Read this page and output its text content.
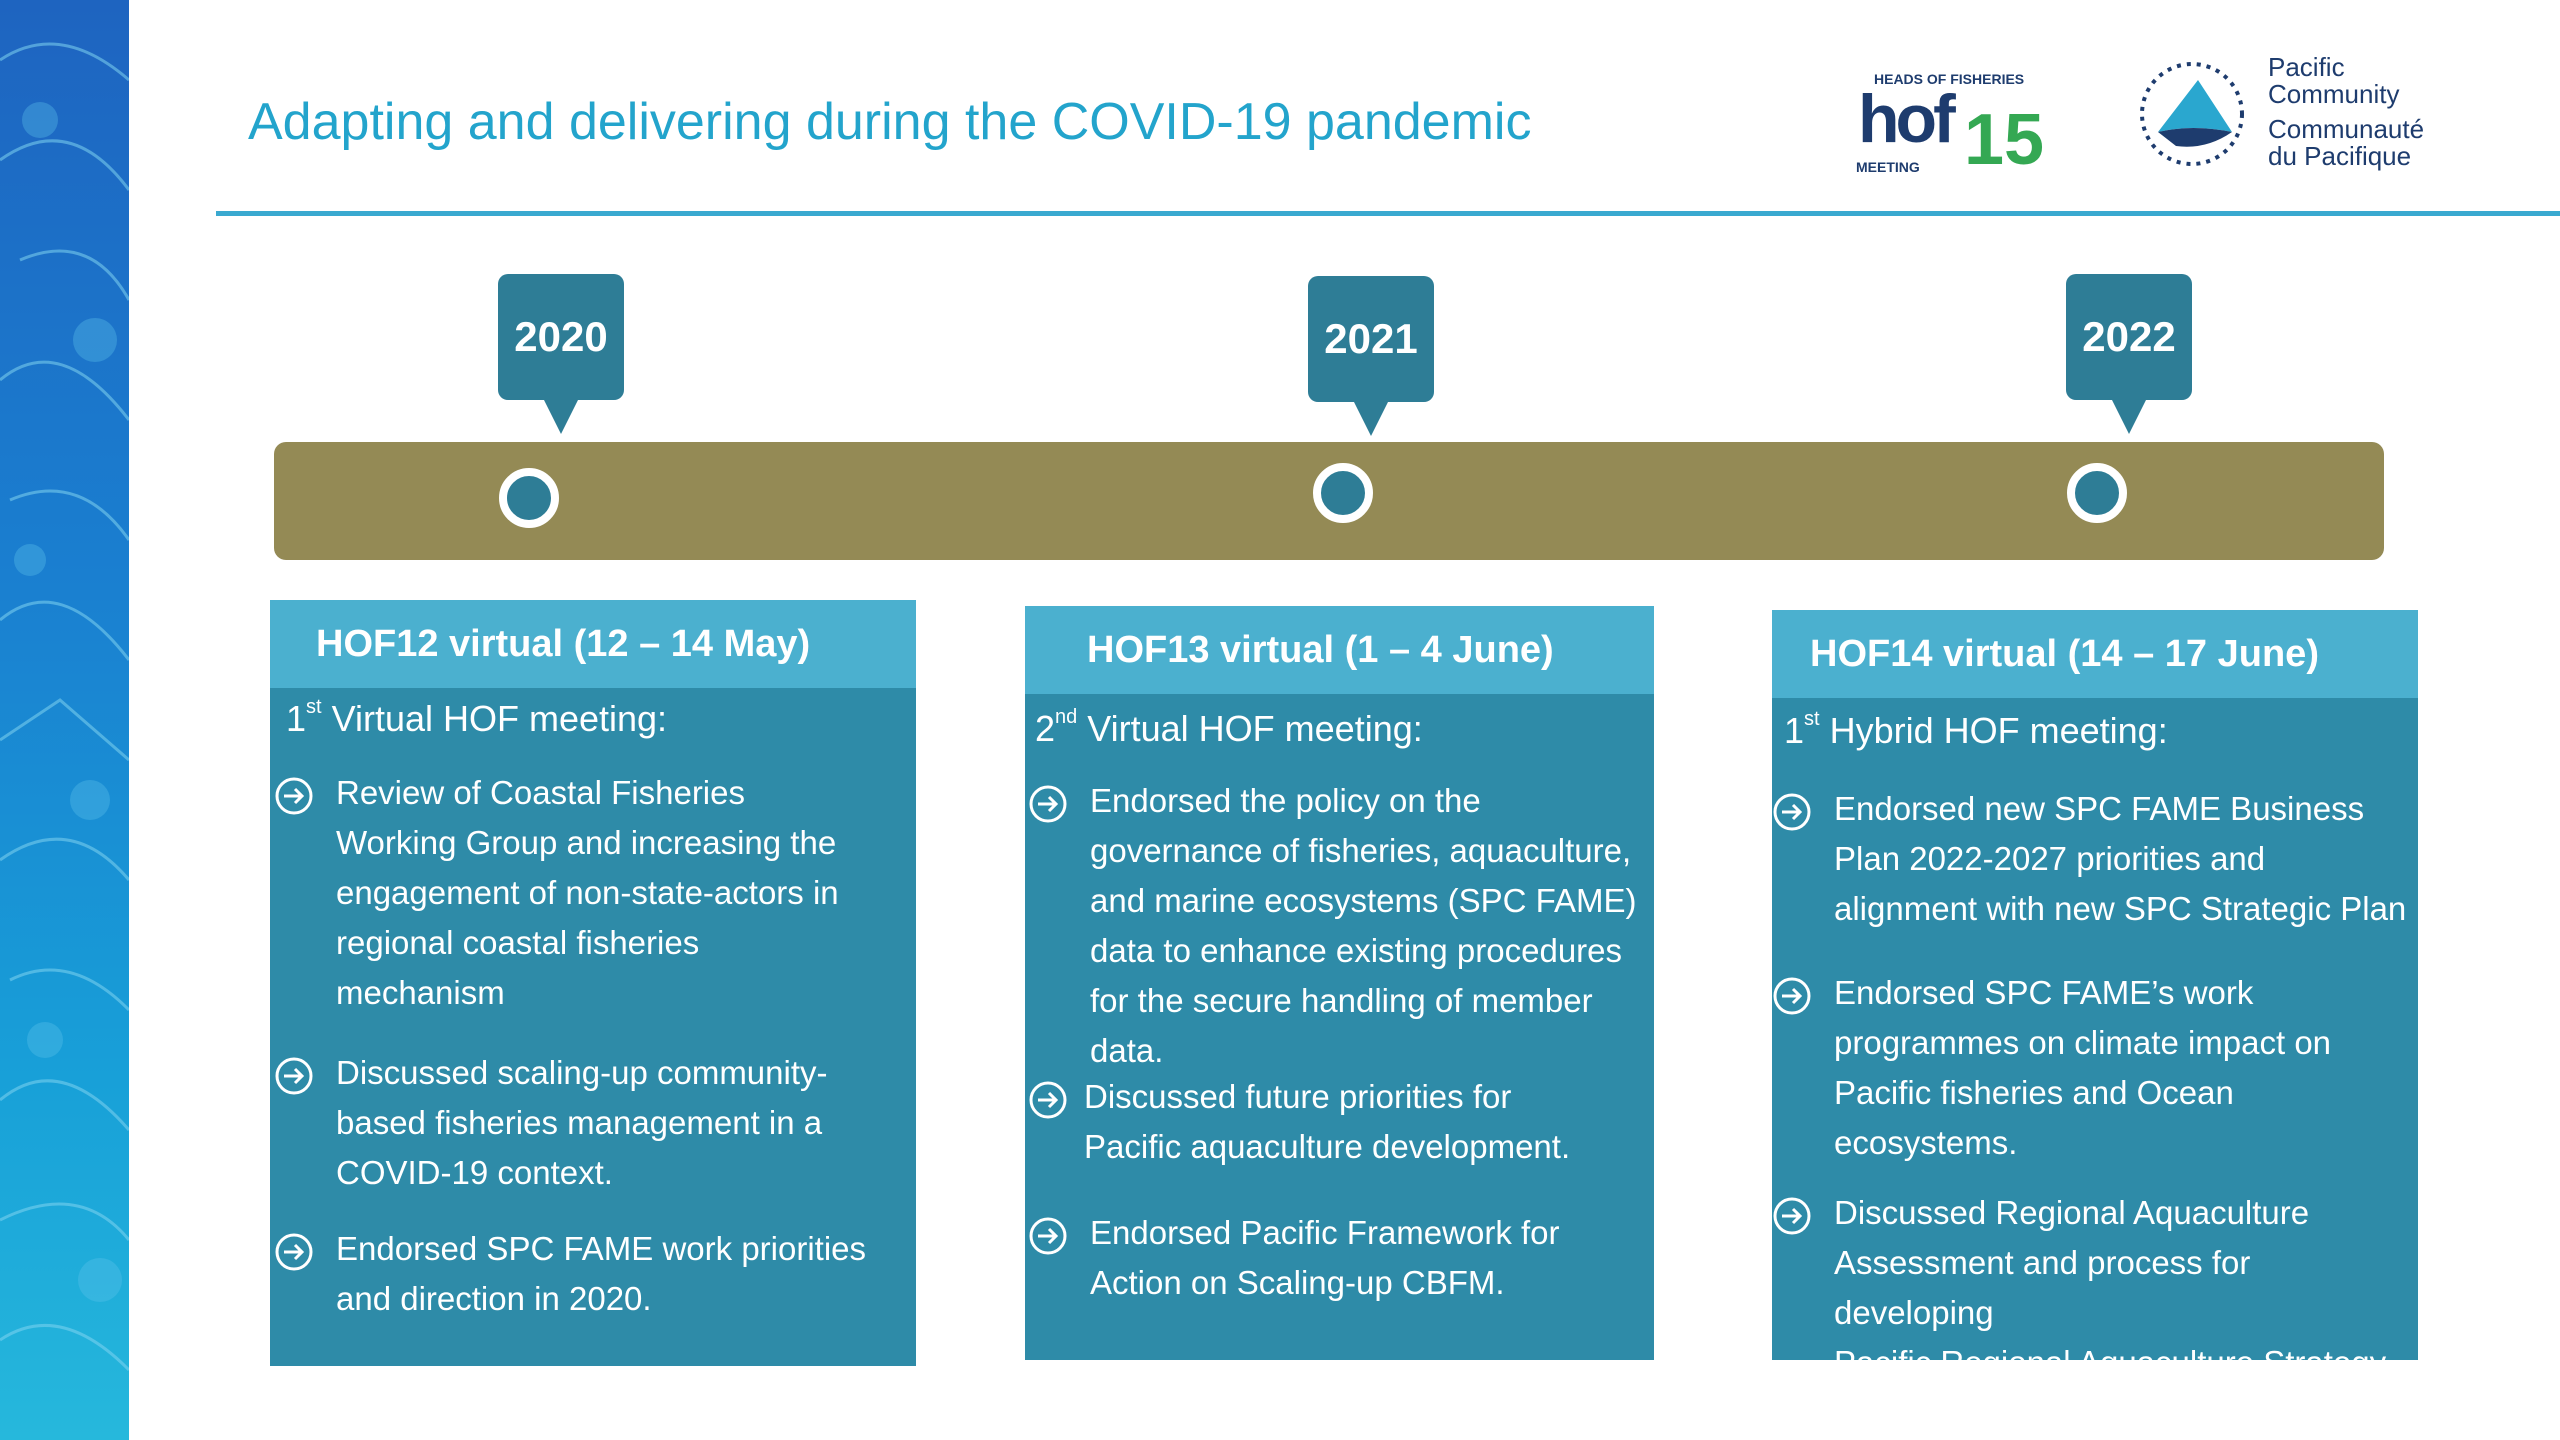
Adapting and delivering during the COVID-19 pandemic
HEADS OF FISHERIES
hof 15
MEETING
Pacific
Community
Communauté
du Pacifique
2020	2021	2022
HOF12 virtual (12 – 14 May)
1st Virtual HOF meeting:
Review of Coastal Fisheries
Working Group and increasing the
engagement of non-state-actors in
regional coastal fisheries
mechanism
Discussed scaling-up community-
based fisheries management in a
COVID-19 context.
Endorsed SPC FAME work priorities
and direction in 2020.
HOF13 virtual (1 – 4 June)
2nd Virtual HOF meeting:
Endorsed the policy on the
governance of fisheries, aquaculture,
and marine ecosystems (SPC FAME)
data to enhance existing procedures
for the secure handling of member
data.
Discussed future priorities for
Pacific aquaculture development.
Endorsed Pacific Framework for
Action on Scaling-up CBFM.
HOF14 virtual (14 – 17 June)
1st Hybrid HOF meeting:
Endorsed new SPC FAME Business
Plan 2022-2027 priorities and
alignment with new SPC Strategic Plan
Endorsed SPC FAME’s work
programmes on climate impact on
Pacific fisheries and Ocean
ecosystems.
Discussed Regional Aquaculture
Assessment and process for developing
Pacific Regional Aquaculture Strategy
